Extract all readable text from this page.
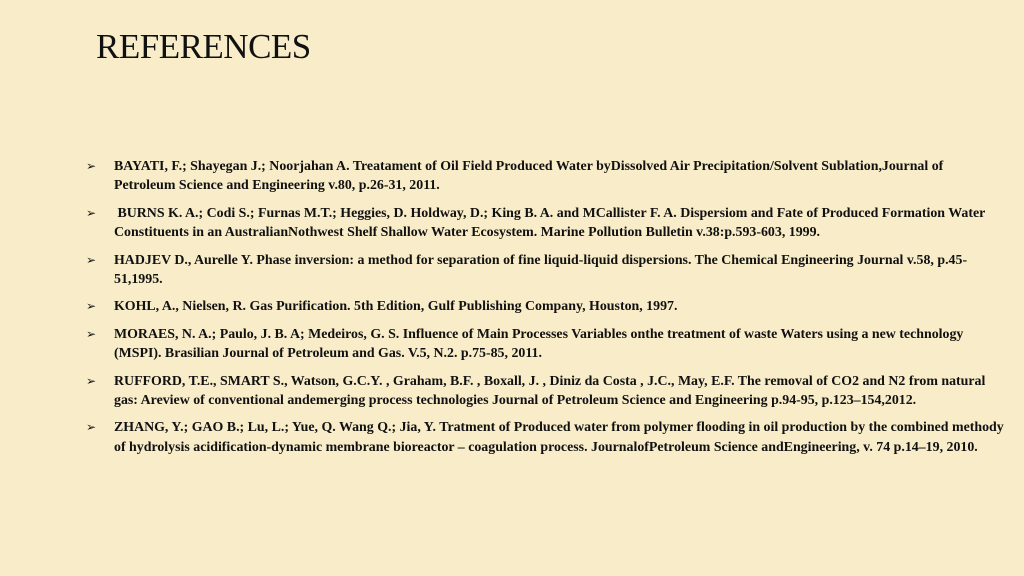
REFERENCES
➢ BAYATI, F.; Shayegan J.; Noorjahan A. Treatament of Oil Field Produced Water byDissolved Air Precipitation/Solvent Sublation,Journal of Petroleum Science and Engineering v.80, p.26-31, 2011.
➢ BURNS K. A.; Codi S.; Furnas M.T.; Heggies, D. Holdway, D.; King B. A. and MCallister F. A. Dispersiom and Fate of Produced Formation Water Constituents in an AustralianNothwest Shelf Shallow Water Ecosystem. Marine Pollution Bulletin v.38:p.593-603, 1999.
➢ HADJEV D., Aurelle Y. Phase inversion: a method for separation of fine liquid-liquid dispersions. The Chemical Engineering Journal v.58, p.45-51,1995.
➢ KOHL, A., Nielsen, R. Gas Purification. 5th Edition, Gulf Publishing Company, Houston, 1997.
➢ MORAES, N. A.; Paulo, J. B. A; Medeiros, G. S. Influence of Main Processes Variables onthe treatment of waste Waters using a new technology (MSPI). Brasilian Journal of Petroleum and Gas. V.5, N.2. p.75-85, 2011.
➢ RUFFORD, T.E., SMART S., Watson, G.C.Y. , Graham, B.F. , Boxall, J. , Diniz da Costa , J.C., May, E.F. The removal of CO2 and N2 from natural gas: Areview of conventional andemerging process technologies Journal of Petroleum Science and Engineering p.94-95, p.123–154,2012.
➢ ZHANG, Y.; GAO B.; Lu, L.; Yue, Q. Wang Q.; Jia, Y. Tratment of Produced water from polymer flooding in oil production by the combined methody of hydrolysis acidification-dynamic membrane bioreactor – coagulation process. JournalofPetroleum Science andEngineering, v. 74 p.14–19, 2010.
